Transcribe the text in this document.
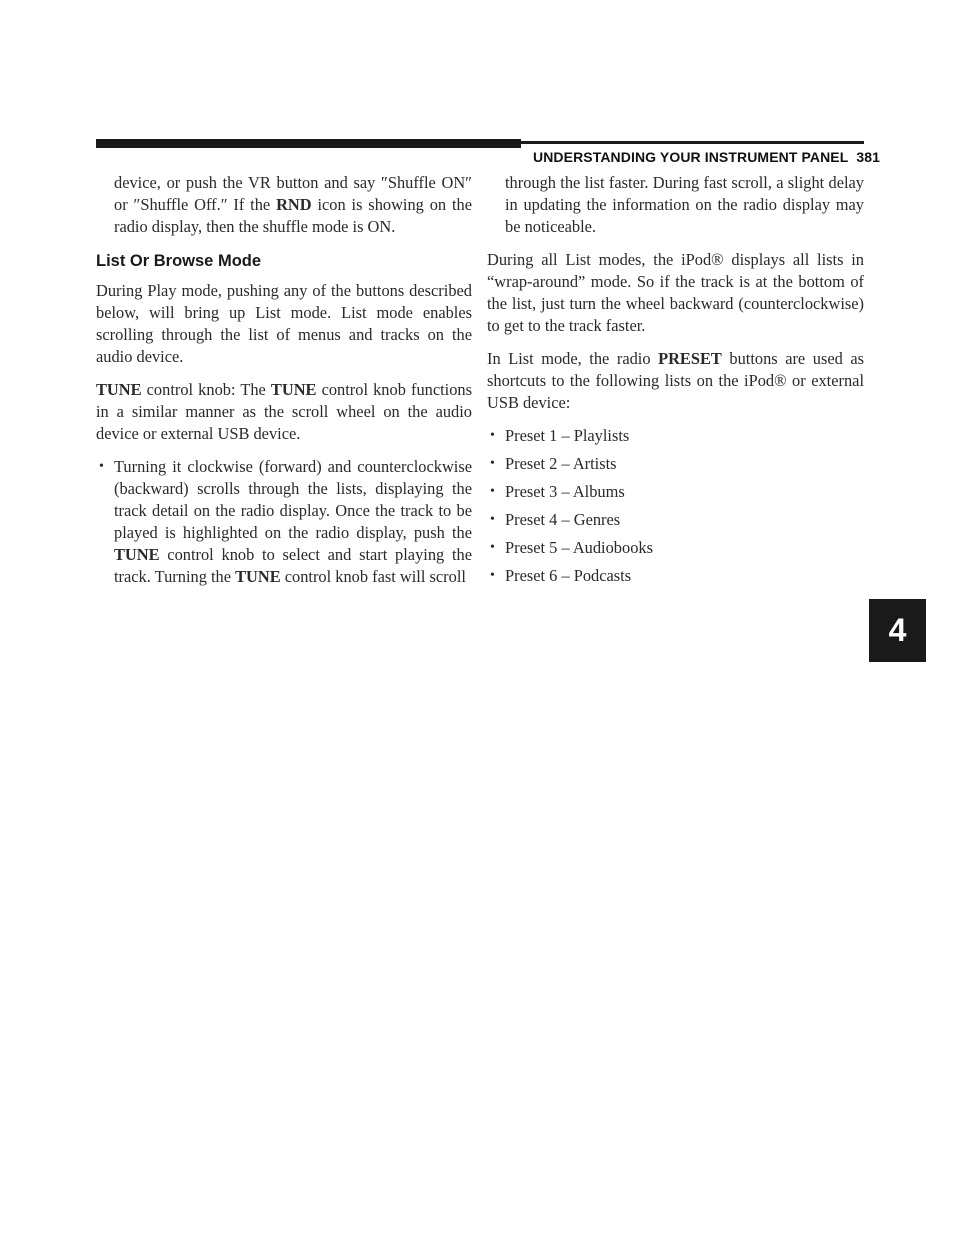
UNDERSTANDING YOUR INSTRUMENT PANEL 381
4

device, or push the VR button and say ″Shuffle ON″ or ″Shuffle Off.″ If the RND icon is showing on the radio display, then the shuffle mode is ON.

List Or Browse Mode

During Play mode, pushing any of the buttons described below, will bring up List mode. List mode enables scrolling through the list of menus and tracks on the audio device.

TUNE control knob: The TUNE control knob functions in a similar manner as the scroll wheel on the audio device or external USB device.

• Turning it clockwise (forward) and counterclockwise (backward) scrolls through the lists, displaying the track detail on the radio display. Once the track to be played is highlighted on the radio display, push the TUNE control knob to select and start playing the track. Turning the TUNE control knob fast will scroll

through the list faster. During fast scroll, a slight delay in updating the information on the radio display may be noticeable.

During all List modes, the iPod® displays all lists in “wrap-around” mode. So if the track is at the bottom of the list, just turn the wheel backward (counterclockwise) to get to the track faster.

In List mode, the radio PRESET buttons are used as shortcuts to the following lists on the iPod® or external USB device:

• Preset 1 – Playlists
• Preset 2 – Artists
• Preset 3 – Albums
• Preset 4 – Genres
• Preset 5 – Audiobooks
• Preset 6 – Podcasts
